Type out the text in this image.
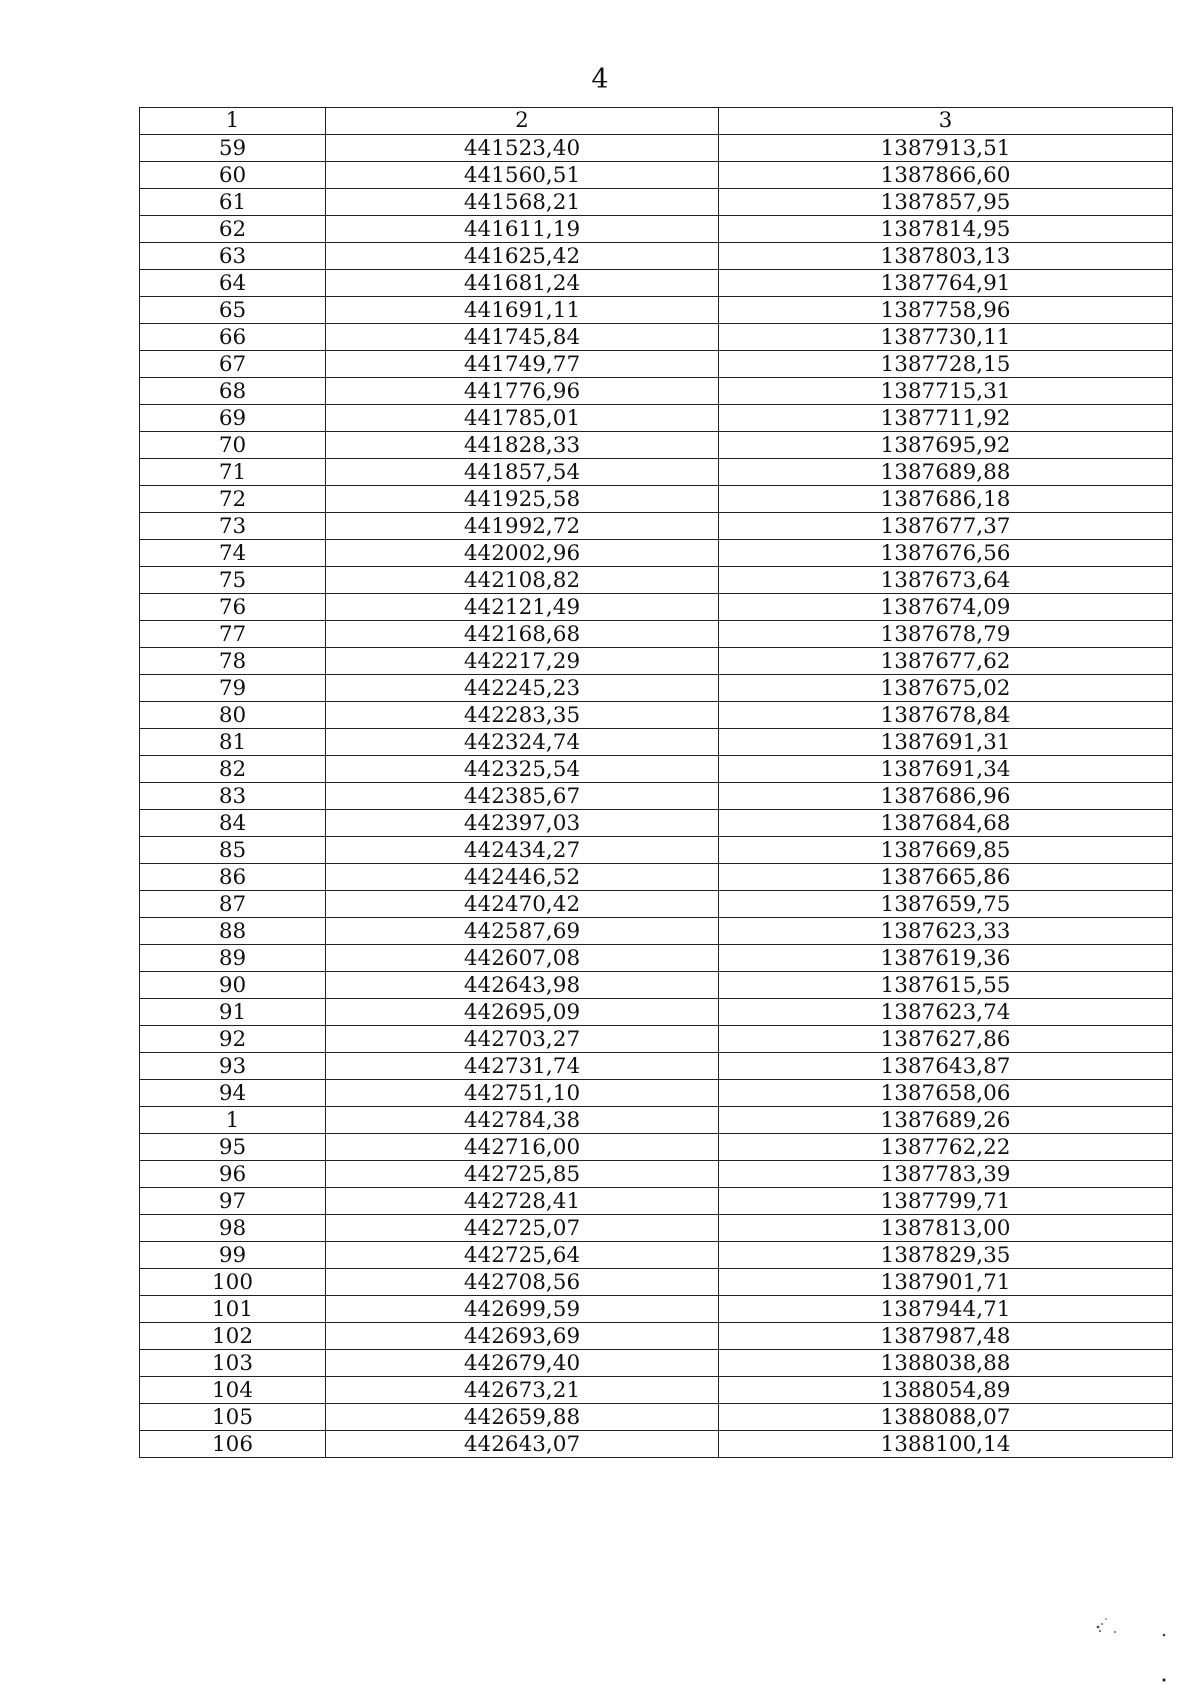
4
1	2	3
59	441523,40	1387913,51
60	441560,51	1387866,60
61	441568,21	1387857,95
62	441611,19	1387814,95
63	441625,42	1387803,13
64	441681,24	1387764,91
65	441691,11	1387758,96
66	441745,84	1387730,11
67	441749,77	1387728,15
68	441776,96	1387715,31
69	441785,01	1387711,92
70	441828,33	1387695,92
71	441857,54	1387689,88
72	441925,58	1387686,18
73	441992,72	1387677,37
74	442002,96	1387676,56
75	442108,82	1387673,64
76	442121,49	1387674,09
77	442168,68	1387678,79
78	442217,29	1387677,62
79	442245,23	1387675,02
80	442283,35	1387678,84
81	442324,74	1387691,31
82	442325,54	1387691,34
83	442385,67	1387686,96
84	442397,03	1387684,68
85	442434,27	1387669,85
86	442446,52	1387665,86
87	442470,42	1387659,75
88	442587,69	1387623,33
89	442607,08	1387619,36
90	442643,98	1387615,55
91	442695,09	1387623,74
92	442703,27	1387627,86
93	442731,74	1387643,87
94	442751,10	1387658,06
1	442784,38	1387689,26
95	442716,00	1387762,22
96	442725,85	1387783,39
97	442728,41	1387799,71
98	442725,07	1387813,00
99	442725,64	1387829,35
100	442708,56	1387901,71
101	442699,59	1387944,71
102	442693,69	1387987,48
103	442679,40	1388038,88
104	442673,21	1388054,89
105	442659,88	1388088,07
106	442643,07	1388100,14
